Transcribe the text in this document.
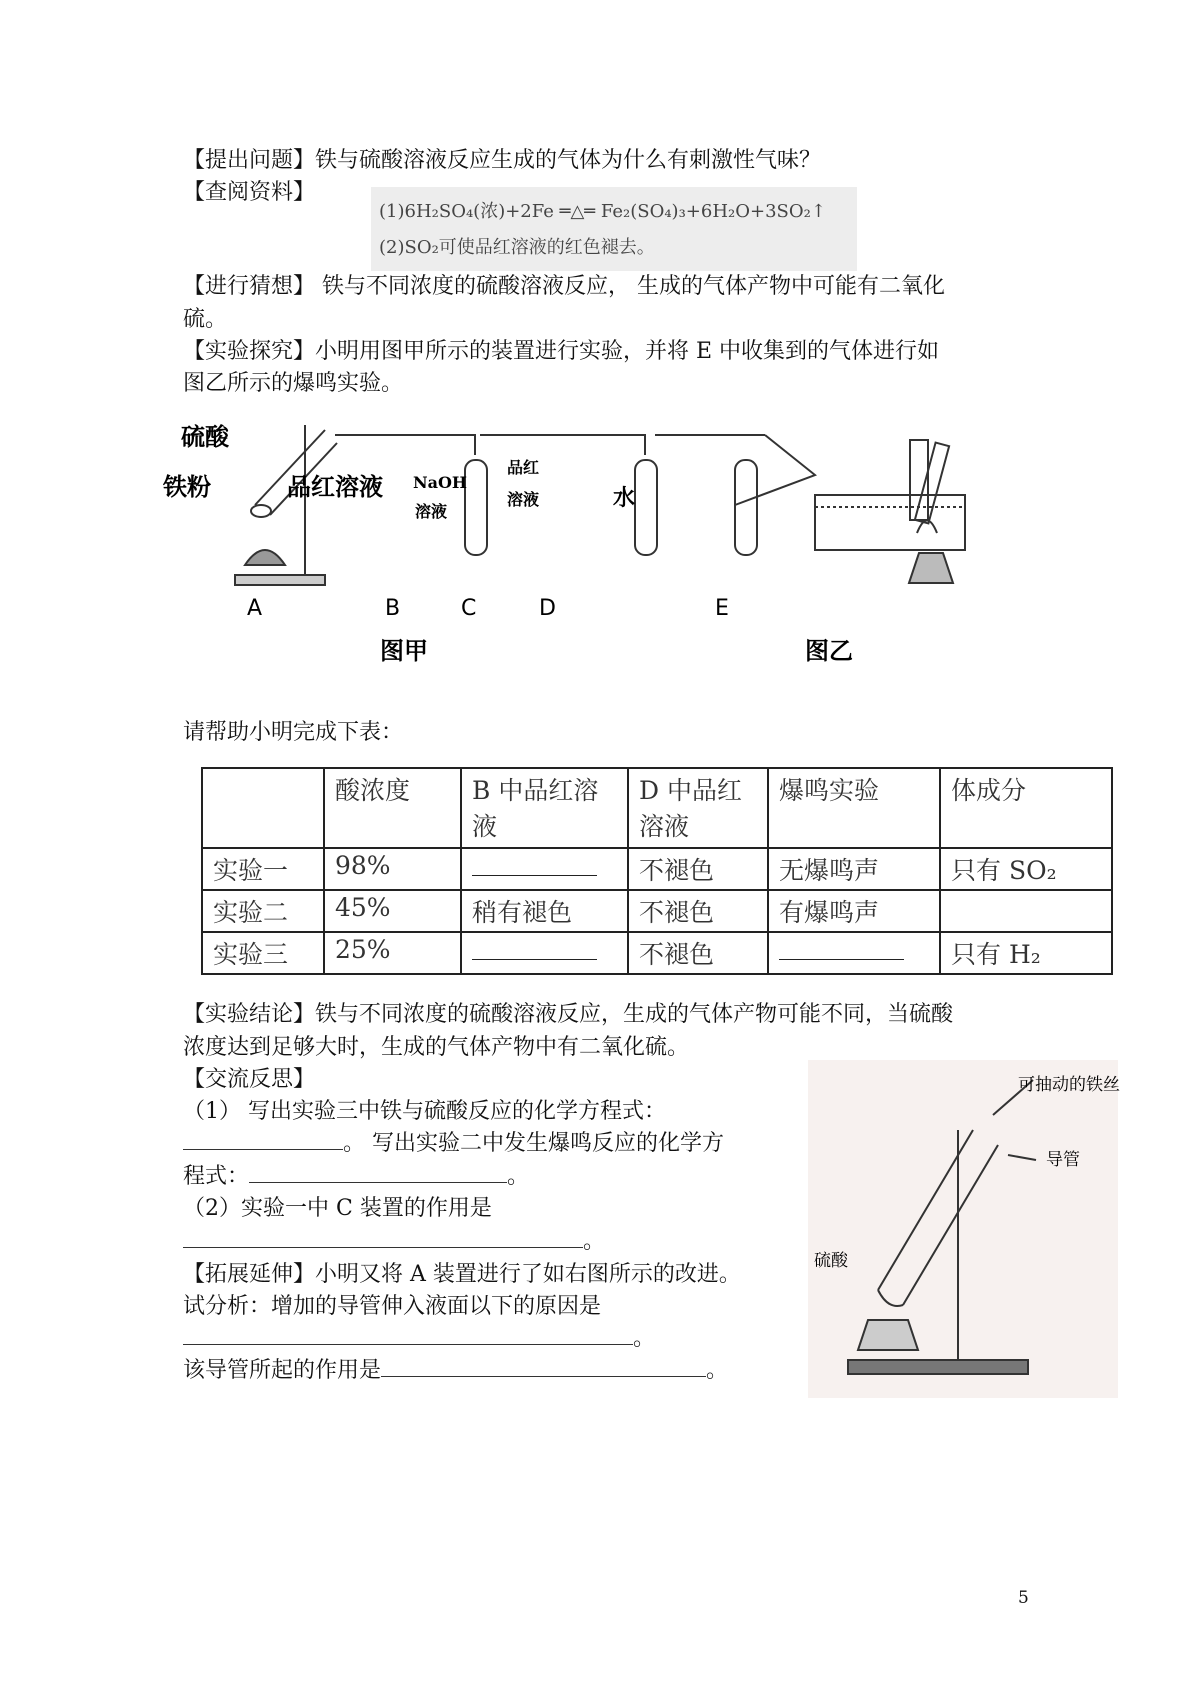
【提出问题】铁与硫酸溶液反应生成的气体为什么有刺激性气味？
【查阅资料】
(1)6H₂SO₄(浓)+2Fe ═△═ Fe₂(SO₄)₃+6H₂O+3SO₂↑
(2)SO₂可使品红溶液的红色褪去。
【进行猜想】 铁与不同浓度的硫酸溶液反应， 生成的气体产物中可能有二氧化
硫。
【实验探究】小明用图甲所示的装置进行实验，并将 E 中收集到的气体进行如
图乙所示的爆鸣实验。
硫酸
铁粉	品红溶液 NaOH
溶液
品红
溶液	水
A	B	C	D	E
图甲	图乙
请帮助小明完成下表：
	酸浓度	B 中品红溶液	D 中品红溶液	爆鸣实验	体成分
实验一	98%		不褪色	无爆鸣声	只有 SO₂
实验二	45%	稍有褪色	不褪色	有爆鸣声	
实验三	25%		不褪色		只有 H₂
【实验结论】铁与不同浓度的硫酸溶液反应，生成的气体产物可能不同，当硫酸
浓度达到足够大时，生成的气体产物中有二氧化硫。
【交流反思】
（1） 写出实验三中铁与硫酸反应的化学方程式：
。 写出实验二中发生爆鸣反应的化学方
程式：	。
（2）实验一中 C 装置的作用是
。
【拓展延伸】小明又将 A 装置进行了如右图所示的改进。
试分析：增加的导管伸入液面以下的原因是
。
该导管所起的作用是	。
可抽动的铁丝
导管
硫酸
5
